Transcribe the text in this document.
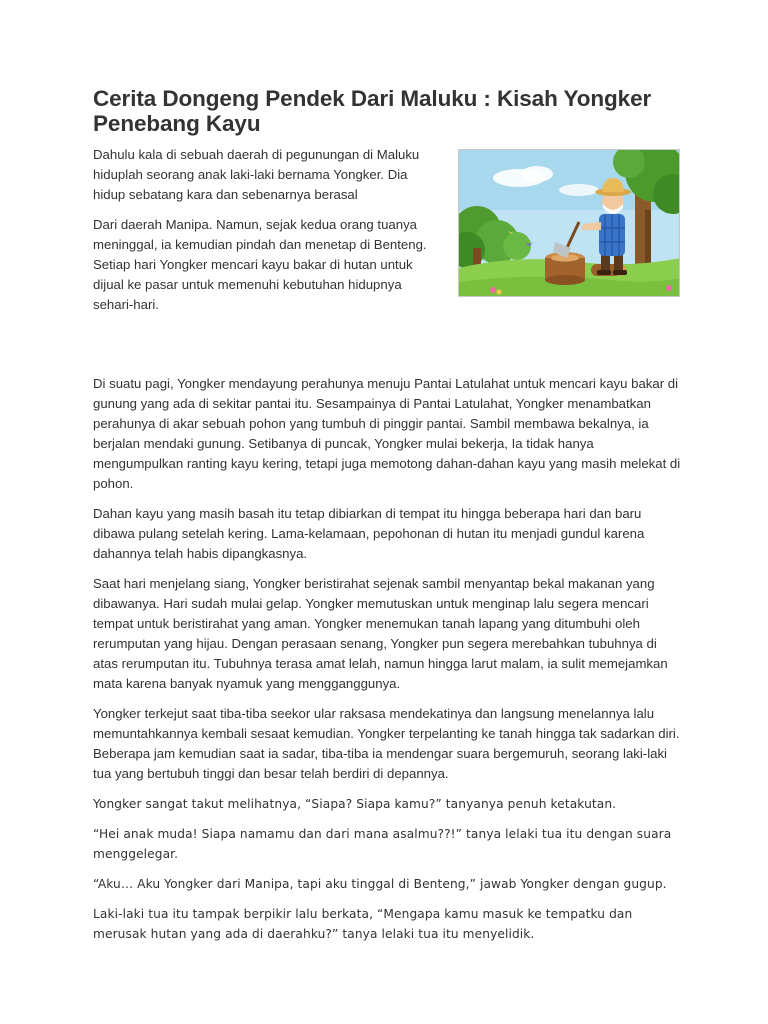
Cerita Dongeng Pendek Dari Maluku : Kisah Yongker Penebang Kayu

Dahulu kala di sebuah daerah di pegunungan di Maluku hiduplah seorang anak laki-laki bernama Yongker. Dia hidup sebatang kara dan sebenarnya berasal

Dari daerah Manipa. Namun, sejak kedua orang tuanya meninggal, ia kemudian pindah dan menetap di Benteng. Setiap hari Yongker mencari kayu bakar di hutan untuk dijual ke pasar untuk memenuhi kebutuhan hidupnya sehari-hari.

Di suatu pagi, Yongker mendayung perahunya menuju Pantai Latulahat untuk mencari kayu bakar di gunung yang ada di sekitar pantai itu. Sesampainya di Pantai Latulahat, Yongker menambatkan perahunya di akar sebuah pohon yang tumbuh di pinggir pantai. Sambil membawa bekalnya, ia berjalan mendaki gunung. Setibanya di puncak, Yongker mulai bekerja, Ia tidak hanya mengumpulkan ranting kayu kering, tetapi juga memotong dahan-dahan kayu yang masih melekat di pohon.

Dahan kayu yang masih basah itu tetap dibiarkan di tempat itu hingga beberapa hari dan baru dibawa pulang setelah kering. Lama-kelamaan, pepohonan di hutan itu menjadi gundul karena dahannya telah habis dipangkasnya.

Saat hari menjelang siang, Yongker beristirahat sejenak sambil menyantap bekal makanan yang dibawanya. Hari sudah mulai gelap. Yongker memutuskan untuk menginap lalu segera mencari tempat untuk beristirahat yang aman. Yongker menemukan tanah lapang yang ditumbuhi oleh rerumputan yang hijau. Dengan perasaan senang, Yongker pun segera merebahkan tubuhnya di atas rerumputan itu. Tubuhnya terasa amat lelah, namun hingga larut malam, ia sulit memejamkan mata karena banyak nyamuk yang mengganggunya.

Yongker terkejut saat tiba-tiba seekor ular raksasa mendekatinya dan langsung menelannya lalu memuntahkannya kembali sesaat kemudian. Yongker terpelanting ke tanah hingga tak sadarkan diri. Beberapa jam kemudian saat ia sadar, tiba-tiba ia mendengar suara bergemuruh, seorang laki-laki tua yang bertubuh tinggi dan besar telah berdiri di depannya.

Yongker sangat takut melihatnya, “Siapa? Siapa kamu?” tanyanya penuh ketakutan.

“Hei anak muda! Siapa namamu dan dari mana asalmu??!” tanya lelaki tua itu dengan suara menggelegar.

“Aku… Aku Yongker dari Manipa, tapi aku tinggal di Benteng,” jawab Yongker dengan gugup.

Laki-laki tua itu tampak berpikir lalu berkata, “Mengapa kamu masuk ke tempatku dan merusak hutan yang ada di daerahku?” tanya lelaki tua itu menyelidik.
